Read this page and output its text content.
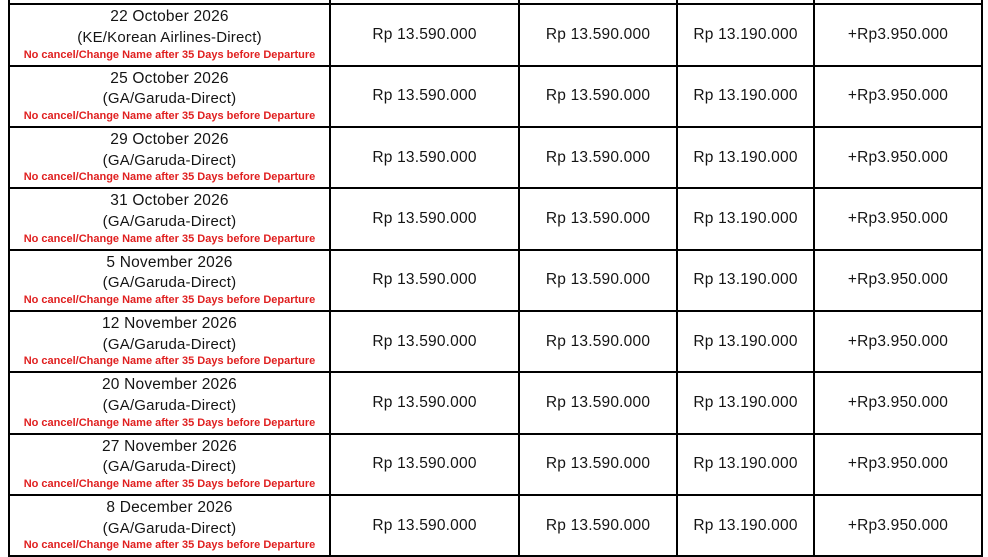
22 October 2026
(KE/Korean Airlines-Direct)
No cancel/Change Name after 35 Days before Departure	Rp 13.590.000	Rp 13.590.000	Rp 13.190.000	+Rp3.950.000

25 October 2026
(GA/Garuda-Direct)
No cancel/Change Name after 35 Days before Departure	Rp 13.590.000	Rp 13.590.000	Rp 13.190.000	+Rp3.950.000

29 October 2026
(GA/Garuda-Direct)
No cancel/Change Name after 35 Days before Departure	Rp 13.590.000	Rp 13.590.000	Rp 13.190.000	+Rp3.950.000

31 October 2026
(GA/Garuda-Direct)
No cancel/Change Name after 35 Days before Departure	Rp 13.590.000	Rp 13.590.000	Rp 13.190.000	+Rp3.950.000

5 November 2026
(GA/Garuda-Direct)
No cancel/Change Name after 35 Days before Departure	Rp 13.590.000	Rp 13.590.000	Rp 13.190.000	+Rp3.950.000

12 November 2026
(GA/Garuda-Direct)
No cancel/Change Name after 35 Days before Departure	Rp 13.590.000	Rp 13.590.000	Rp 13.190.000	+Rp3.950.000

20 November 2026
(GA/Garuda-Direct)
No cancel/Change Name after 35 Days before Departure	Rp 13.590.000	Rp 13.590.000	Rp 13.190.000	+Rp3.950.000

27 November 2026
(GA/Garuda-Direct)
No cancel/Change Name after 35 Days before Departure	Rp 13.590.000	Rp 13.590.000	Rp 13.190.000	+Rp3.950.000

8 December 2026
(GA/Garuda-Direct)
No cancel/Change Name after 35 Days before Departure	Rp 13.590.000	Rp 13.590.000	Rp 13.190.000	+Rp3.950.000
